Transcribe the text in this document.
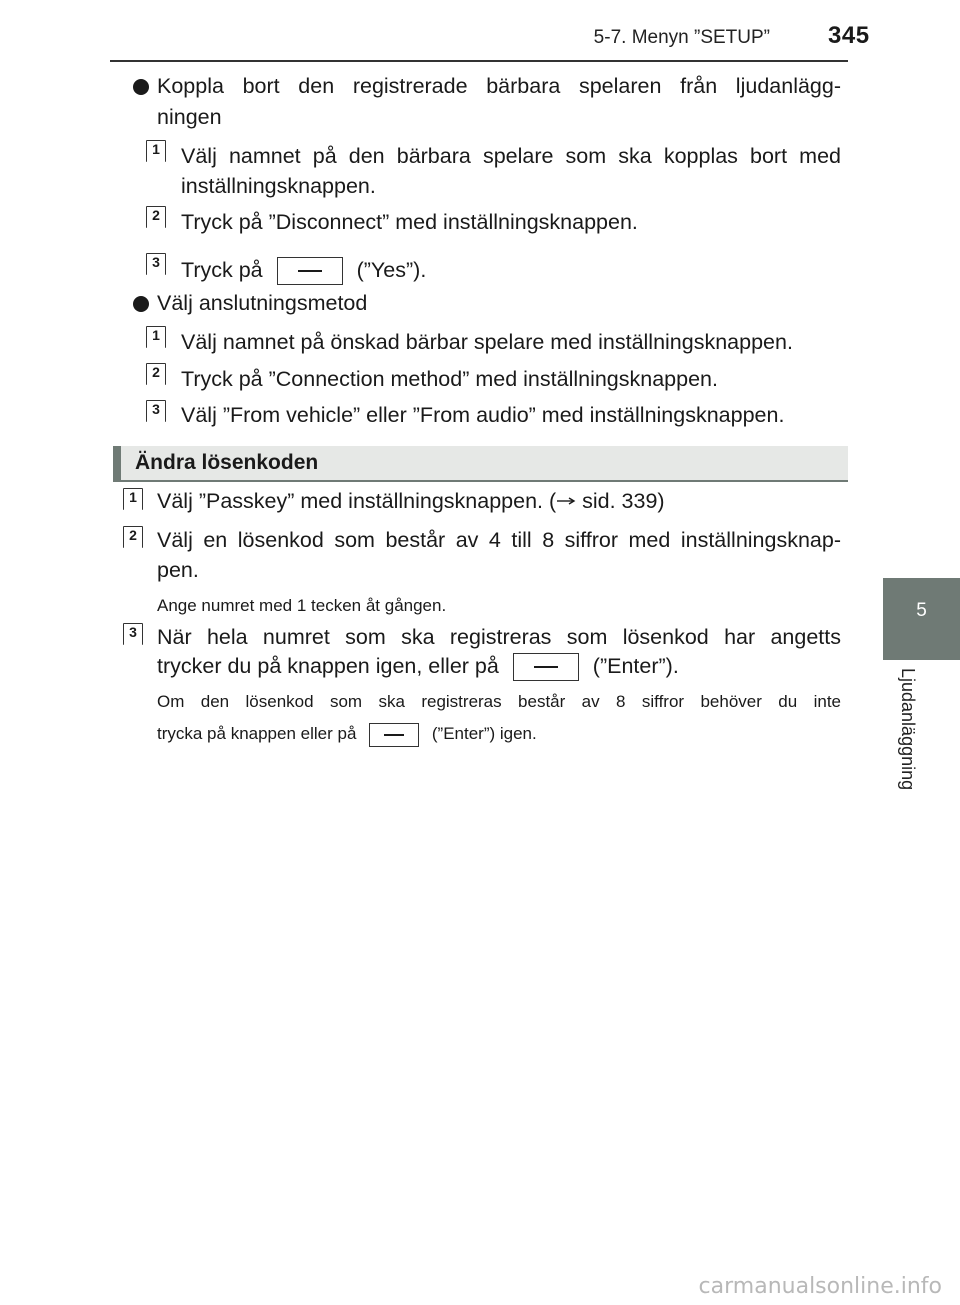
5-7. Menyn ”SETUP” 345
5
Ljudanläggning
Koppla bort den registrerade bärbara spelaren från ljudanlägg-
ningen
1 Välj namnet på den bärbara spelare som ska kopplas bort med
inställningsknappen.
2 Tryck på ”Disconnect” med inställningsknappen.
3 Tryck på	(”Yes”).
Välj anslutningsmetod
1 Välj namnet på önskad bärbar spelare med inställningsknappen.
2 Tryck på ”Connection method” med inställningsknappen.
3 Välj ”From vehicle” eller ”From audio” med inställningsknappen.
Ändra lösenkoden
1 Välj ”Passkey” med inställningsknappen. ( sid. 339)
2 Välj en lösenkod som består av 4 till 8 siffror med inställningsknap-
pen.
Ange numret med 1 tecken åt gången.
3 När hela numret som ska registreras som lösenkod har angetts
trycker du på knappen igen, eller på	(”Enter”).
Om den lösenkod som ska registreras består av 8 siffror behöver du inte
trycka på knappen eller på	(”Enter”) igen.
carmanualsonline.info
